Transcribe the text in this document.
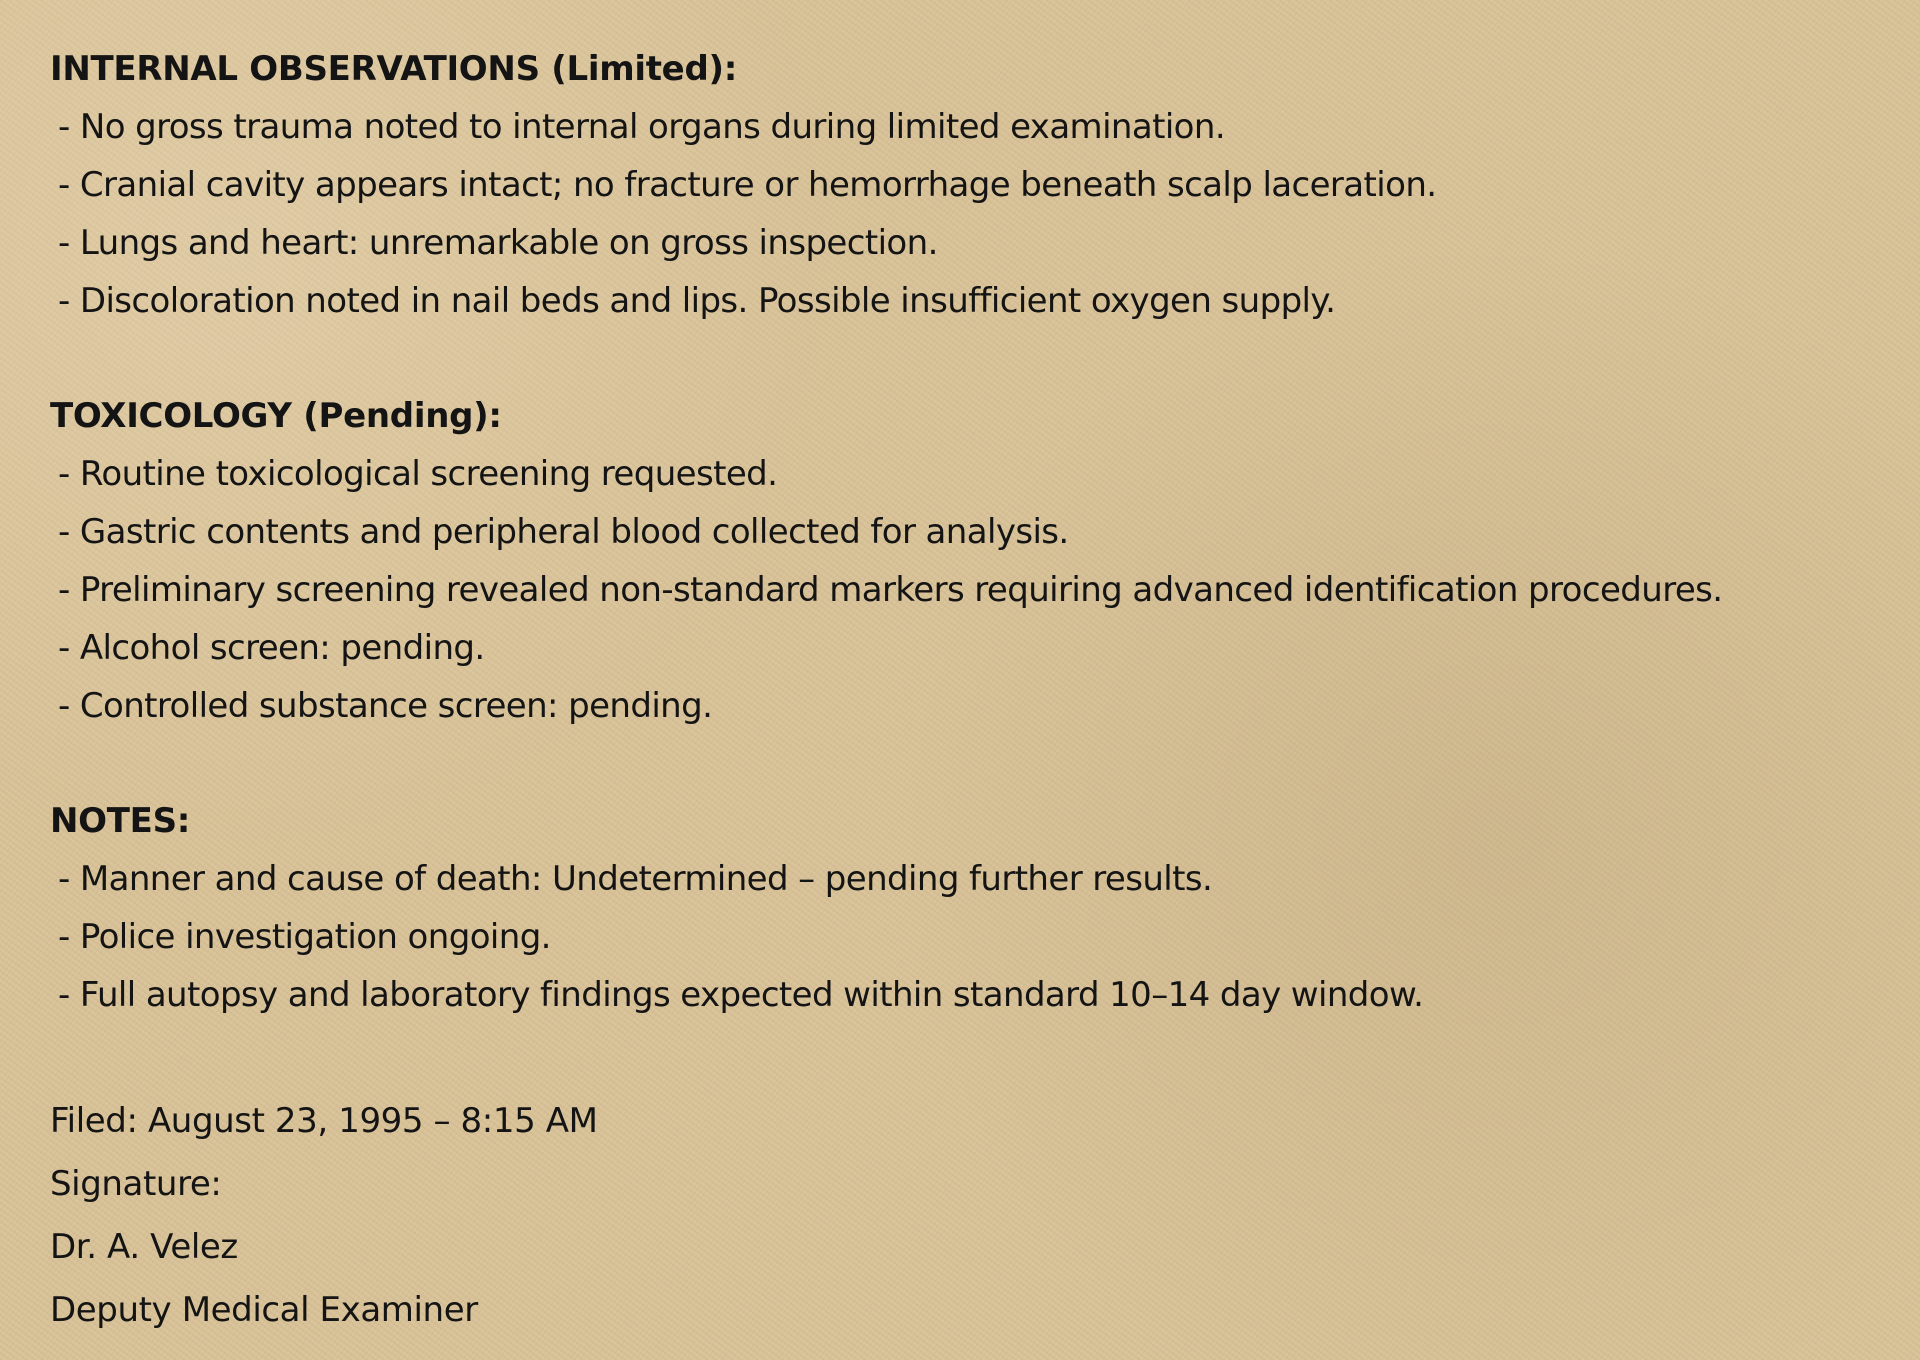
INTERNAL OBSERVATIONS (Limited):
- No gross trauma noted to internal organs during limited examination.
- Cranial cavity appears intact; no fracture or hemorrhage beneath scalp laceration.
- Lungs and heart: unremarkable on gross inspection.
- Discoloration noted in nail beds and lips. Possible insufficient oxygen supply.
TOXICOLOGY (Pending):
- Routine toxicological screening requested.
- Gastric contents and peripheral blood collected for analysis.
- Preliminary screening revealed non-standard markers requiring advanced identification procedures.
- Alcohol screen: pending.
- Controlled substance screen: pending.
NOTES:
- Manner and cause of death: Undetermined – pending further results.
- Police investigation ongoing.
- Full autopsy and laboratory findings expected within standard 10–14 day window.
Filed: August 23, 1995 – 8:15 AM
Signature:
Dr. A. Velez
Deputy Medical Examiner
